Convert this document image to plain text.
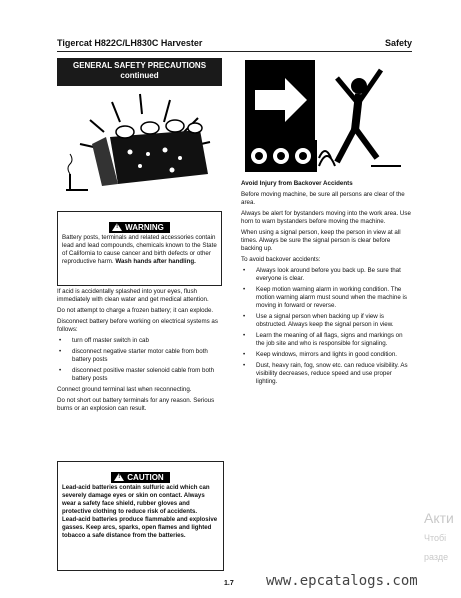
Tigercat H822C/LH830C Harvester	Safety
GENERAL SAFETY PRECAUTIONS
continued
! WARNING
Battery posts, terminals and related accessories contain lead and lead compounds, chemicals known to the State of California to cause cancer and birth defects or other reproductive harm. Wash hands after handling.

If acid is accidentally splashed into your eyes, flush immediately with clean water and get medical attention.

Do not attempt to charge a frozen battery; it can explode.

Disconnect battery before working on electrical systems as follows:

• turn off master switch in cab
• disconnect negative starter motor cable from both battery posts
• disconnect positive master solenoid cable from both battery posts

Connect ground terminal last when reconnecting.

Do not short out battery terminals for any reason. Serious burns or an explosion can result.

! CAUTION
Lead-acid batteries contain sulfuric acid which can severely damage eyes or skin on contact. Always wear a safety face shield, rubber gloves and protective clothing to reduce risk of accidents.
Lead-acid batteries produce flammable and explosive gasses. Keep arcs, sparks, open flames and lighted tobacco a safe distance from the batteries.

Avoid Injury from Backover Accidents

Before moving machine, be sure all persons are clear of the area.

Always be alert for bystanders moving into the work area. Use horn to warn bystanders before moving the machine.

When using a signal person, keep the person in view at all times. Always be sure the signal person is clear before backing up.

To avoid backover accidents:

• Always look around before you back up. Be sure that everyone is clear.
• Keep motion warning alarm in working condition. The motion warning alarm must sound when the machine is moving in forward or reverse.
• Use a signal person when backing up if view is obstructed. Always keep the signal person in view.
• Learn the meaning of all flags, signs and markings on the job site and who is responsible for signaling.
• Keep windows, mirrors and lights in good condition.
• Dust, heavy rain, fog, snow etc. can reduce visibility. As visibility decreases, reduce speed and use proper lighting.
1.7
Акти
Чтобі
разде
www.epcatalogs.com
